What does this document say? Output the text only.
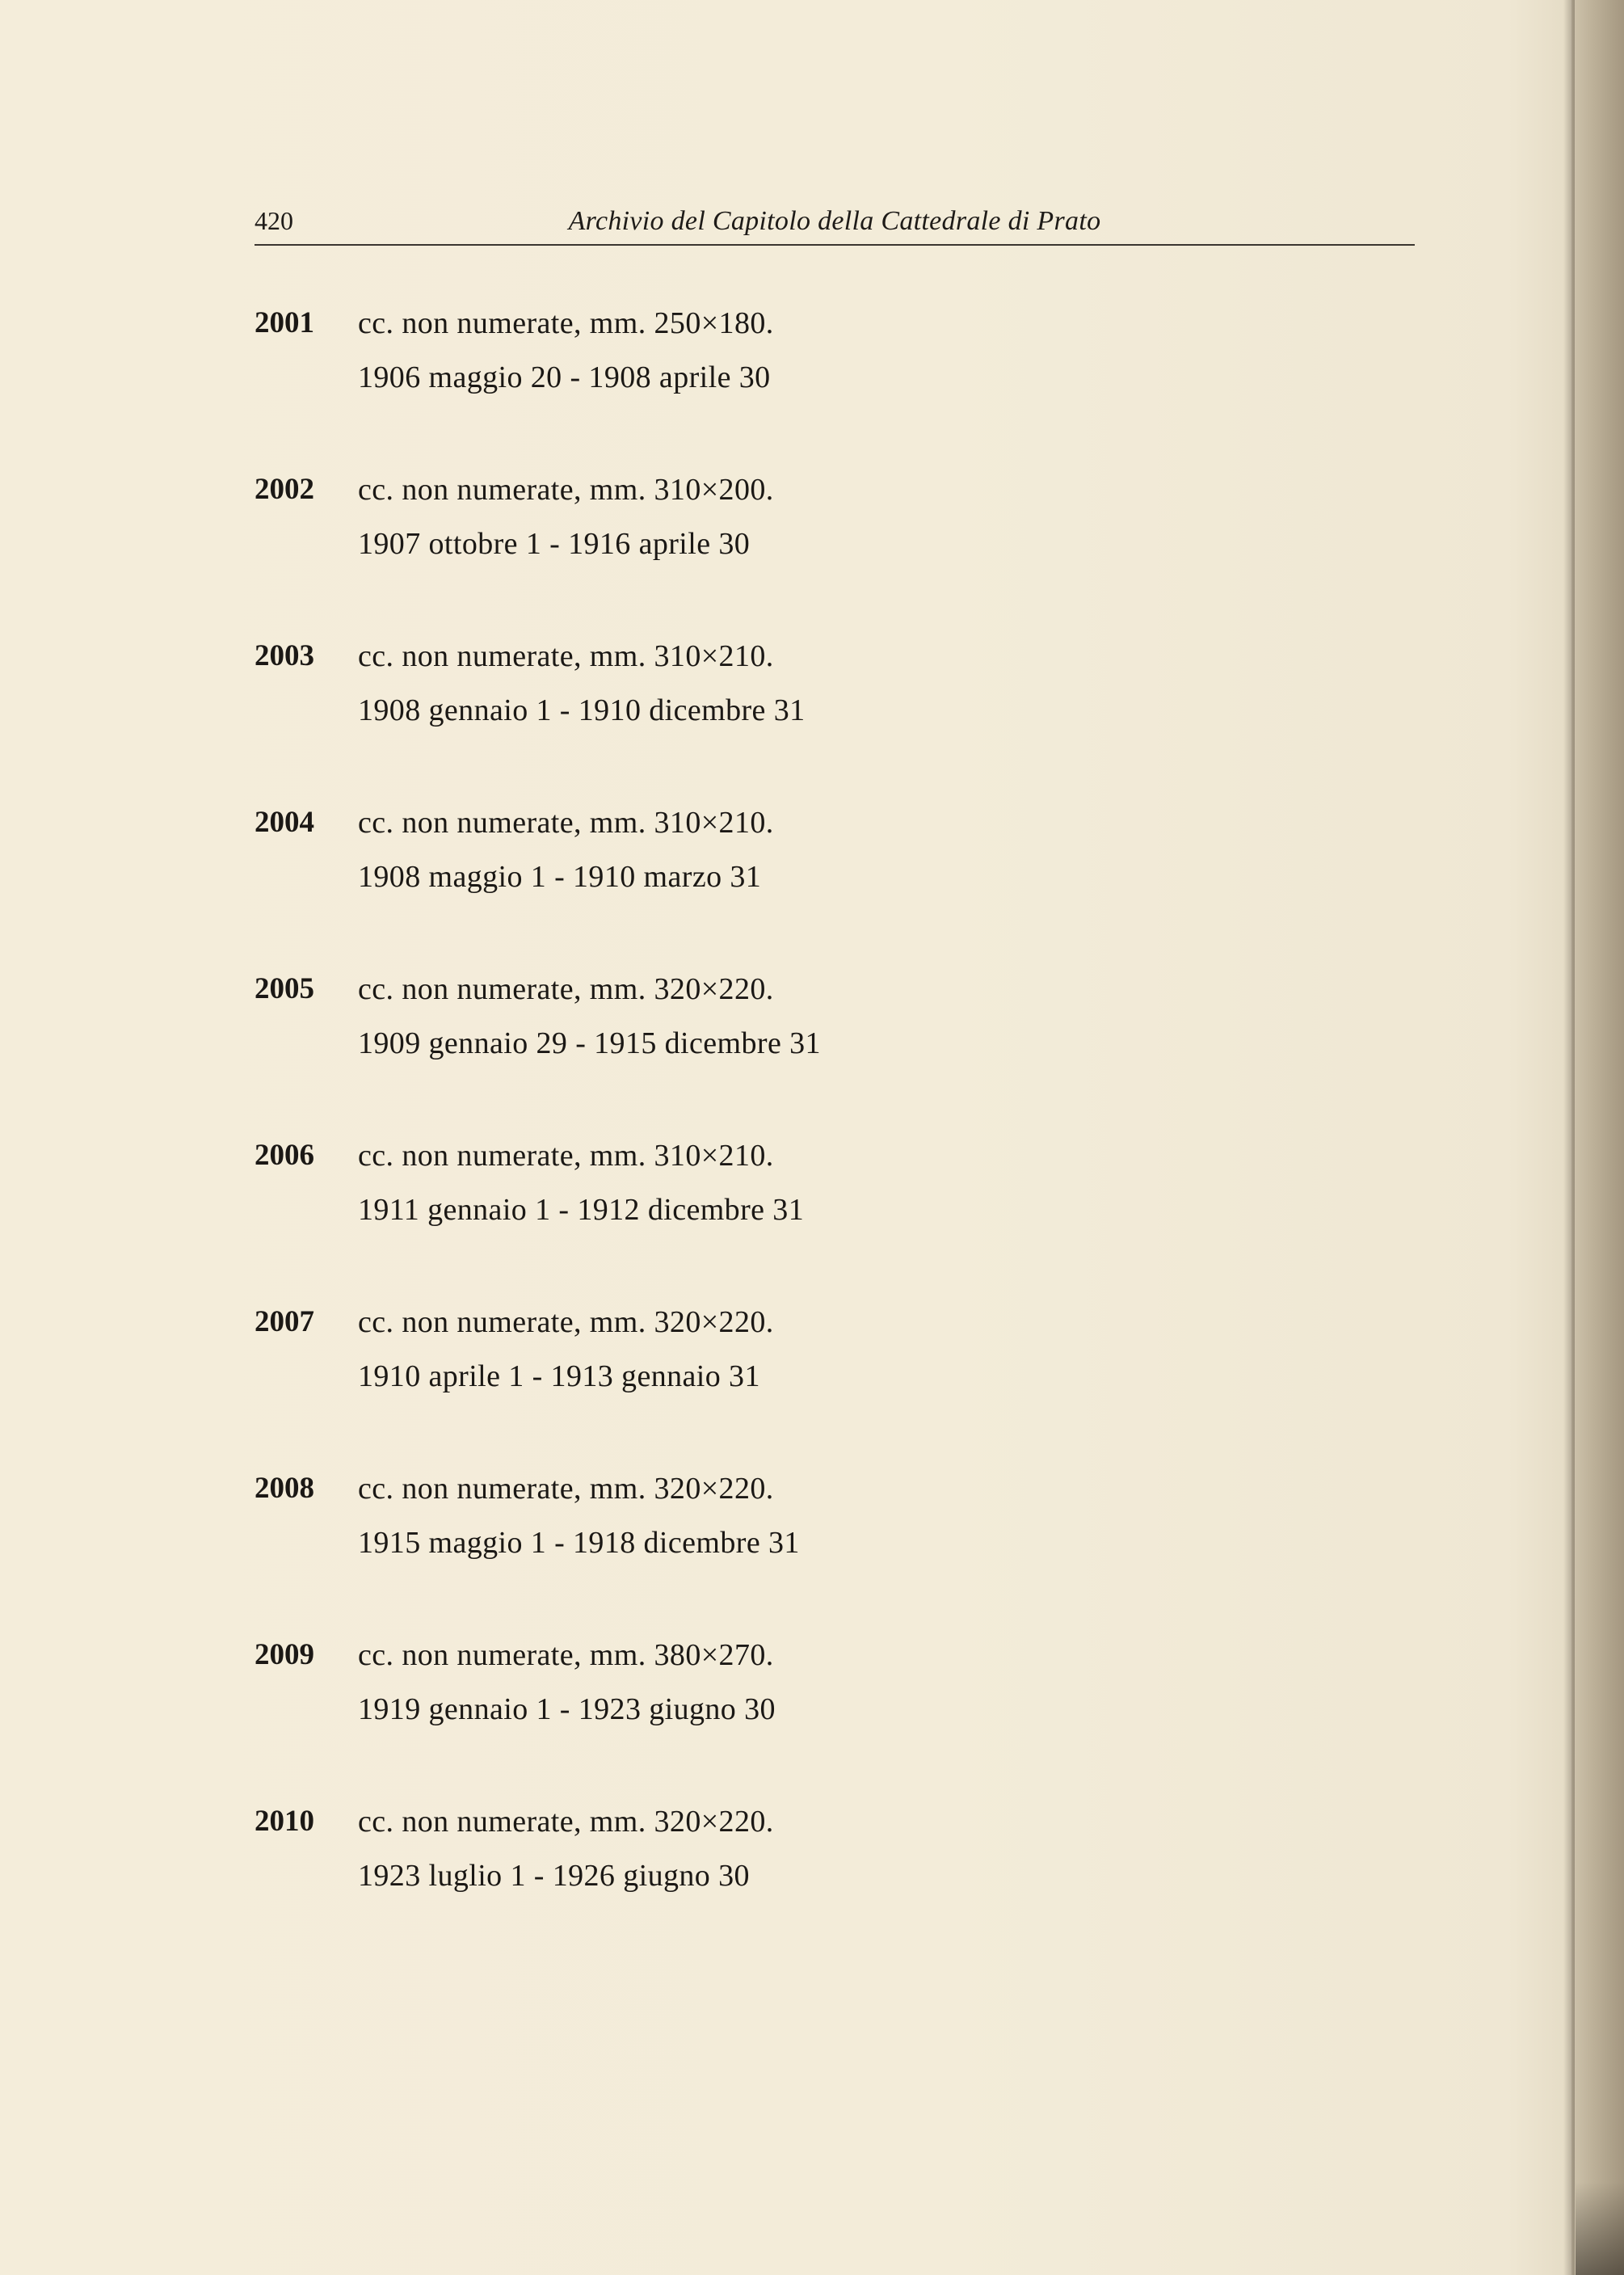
420	Archivio del Capitolo della Cattedrale di Prato
2001 cc. non numerate, mm. 250×180.
1906 maggio 20 - 1908 aprile 30
2002 cc. non numerate, mm. 310×200.
1907 ottobre 1 - 1916 aprile 30
2003 cc. non numerate, mm. 310×210.
1908 gennaio 1 - 1910 dicembre 31
2004 cc. non numerate, mm. 310×210.
1908 maggio 1 - 1910 marzo 31
2005 cc. non numerate, mm. 320×220.
1909 gennaio 29 - 1915 dicembre 31
2006 cc. non numerate, mm. 310×210.
1911 gennaio 1 - 1912 dicembre 31
2007 cc. non numerate, mm. 320×220.
1910 aprile 1 - 1913 gennaio 31
2008 cc. non numerate, mm. 320×220.
1915 maggio 1 - 1918 dicembre 31
2009 cc. non numerate, mm. 380×270.
1919 gennaio 1 - 1923 giugno 30
2010 cc. non numerate, mm. 320×220.
1923 luglio 1 - 1926 giugno 30
